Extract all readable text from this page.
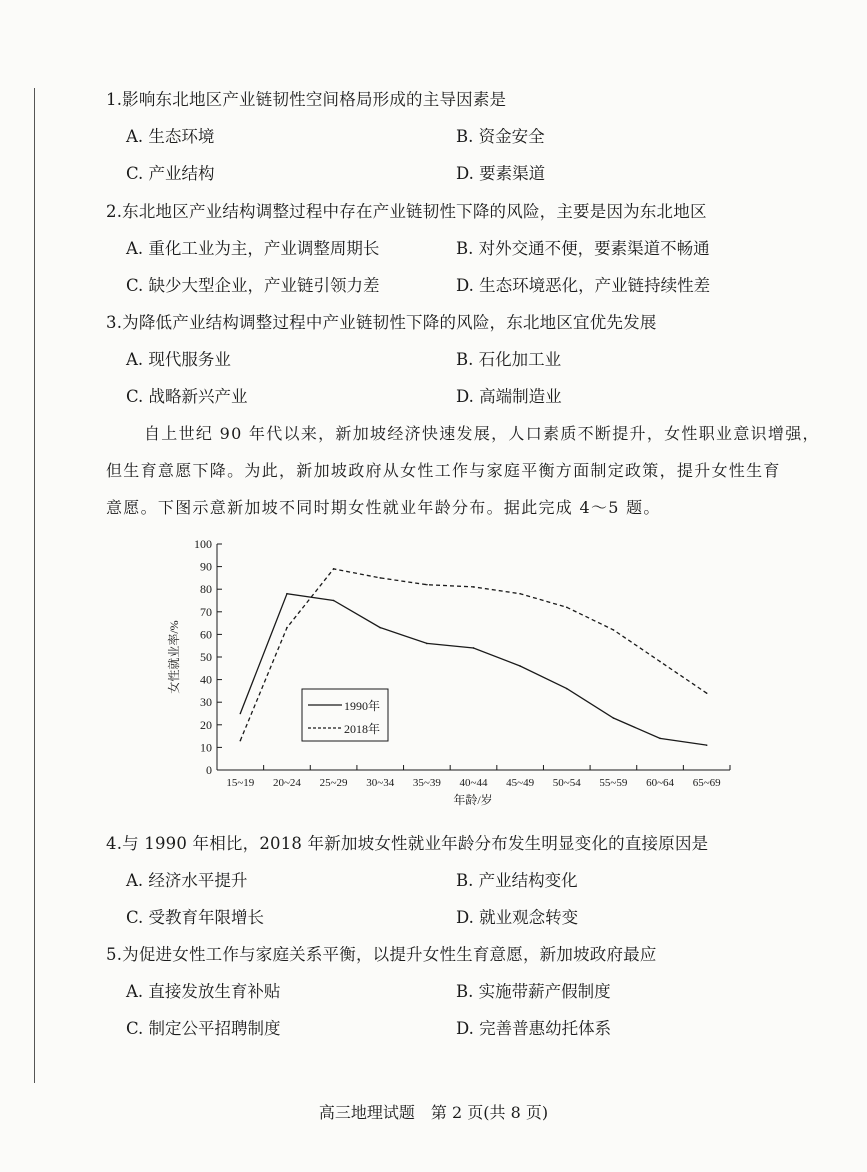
1.影响东北地区产业链韧性空间格局形成的主导因素是
A. 生态环境	B. 资金安全
C. 产业结构	D. 要素渠道
2.东北地区产业结构调整过程中存在产业链韧性下降的风险，主要是因为东北地区
A. 重化工业为主，产业调整周期长	B. 对外交通不便，要素渠道不畅通
C. 缺少大型企业，产业链引领力差	D. 生态环境恶化，产业链持续性差
3.为降低产业结构调整过程中产业链韧性下降的风险，东北地区宜优先发展
A. 现代服务业	B. 石化加工业
C. 战略新兴产业	D. 高端制造业
自上世纪 90 年代以来，新加坡经济快速发展，人口素质不断提升，女性职业意识增强，
但生育意愿下降。为此，新加坡政府从女性工作与家庭平衡方面制定政策，提升女性生育
意愿。下图示意新加坡不同时期女性就业年龄分布。据此完成 4～5 题。
0
10
20
30
40
50
60
70
80
90
100
15~19 20~24 25~29 30~34 35~39 40~44 45~49 50~54 55~59 60~64 65~69
女性就业率/%
年龄/岁
1990年
2018年
高三地理试题　第 2 页(共 8 页)
4.与 1990 年相比，2018 年新加坡女性就业年龄分布发生明显变化的直接原因是
A. 经济水平提升	B. 产业结构变化
C. 受教育年限增长	D. 就业观念转变
5.为促进女性工作与家庭关系平衡，以提升女性生育意愿，新加坡政府最应
A. 直接发放生育补贴	B. 实施带薪产假制度
C. 制定公平招聘制度	D. 完善普惠幼托体系
